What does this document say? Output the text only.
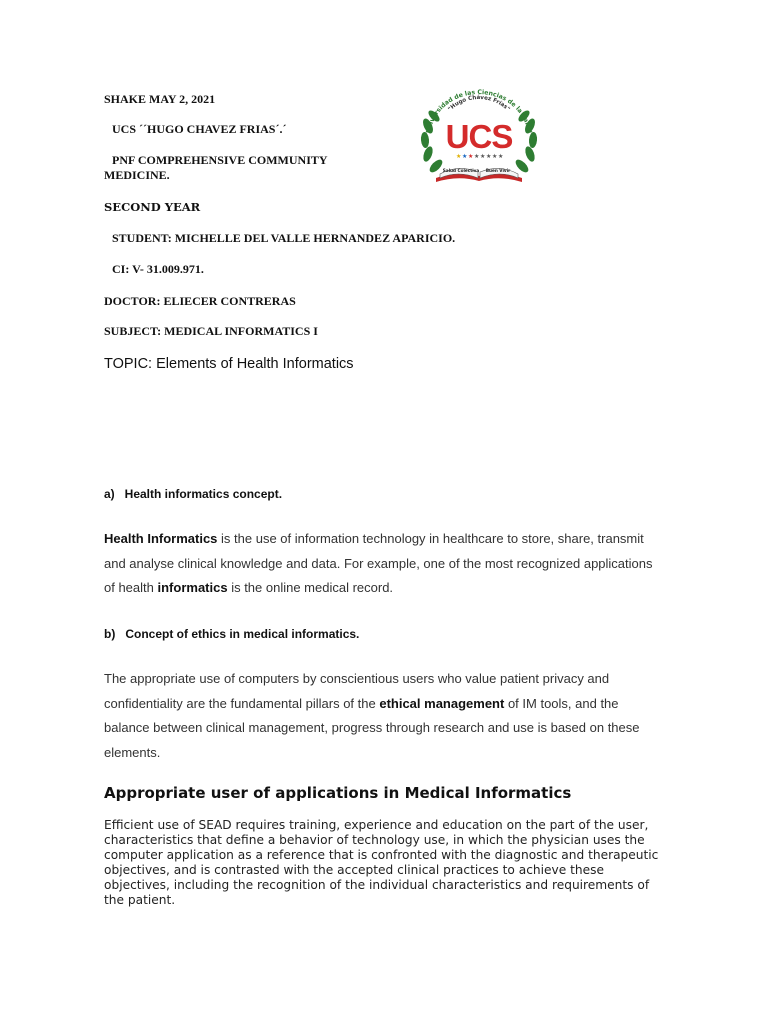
SHAKE MAY 2, 2021
UCS ´´HUGO CHAVEZ FRIAS´.´
PNF COMPREHENSIVE COMMUNITY MEDICINE.
SECOND YEAR
STUDENT: MICHELLE DEL VALLE HERNANDEZ APARICIO.
CI: V- 31.009.971.
DOCTOR: ELIECER CONTRERAS
SUBJECT: MEDICAL INFORMATICS I
Universidad de las Ciencias de la Salud
"Hugo Chávez Frías"
UCS
★ ★ ★ ★ ★ ★ ★ ★
Salud Colectiva Buen Vivir
TOPIC: Elements of Health Informatics
a)   Health informatics concept.

Health Informatics is the use of information technology in healthcare to store, share, transmit and analyse clinical knowledge and data. For example, one of the most recognized applications of health informatics is the online medical record.

b)   Concept of ethics in medical informatics.

The appropriate use of computers by conscientious users who value patient privacy and confidentiality are the fundamental pillars of the ethical management of IM tools, and the balance between clinical management, progress through research and use is based on these elements.

Appropriate user of applications in Medical Informatics

Efficient use of SEAD requires training, experience and education on the part of the user, characteristics that define a behavior of technology use, in which the physician uses the computer application as a reference that is confronted with the diagnostic and therapeutic objectives, and is contrasted with the accepted clinical practices to achieve these objectives, including the recognition of the individual characteristics and requirements of the patient.
